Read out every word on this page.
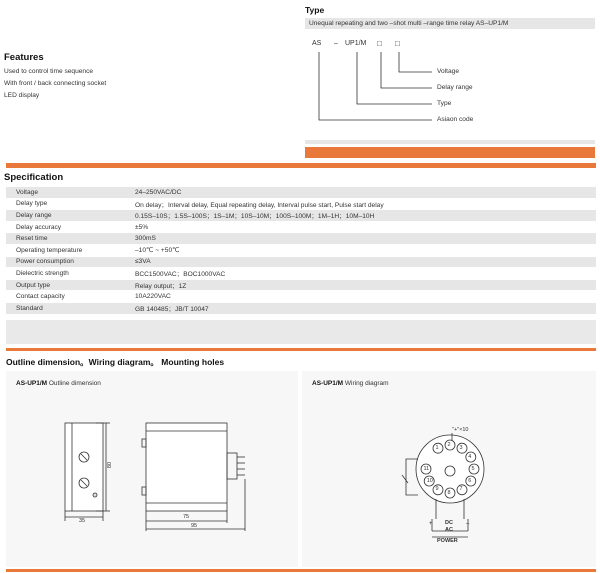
Type
Unequal repeating and two –shot multi –range time relay AS–UP1/M
AS – UP1/M □ □
Voltage
Delay range
Type
Asiaon code
Features
Used to control time sequence
With front / back connecting socket
LED display
Specification
Voltage	24–250VAC/DC
Delay type	On delay；Interval delay, Equal repeating delay, Interval pulse start, Pulse start delay
Delay range	0.15S–10S；1.5S–100S；1S–1M；10S–10M；100S–100M；1M–1H；10M–10H
Delay accuracy	±5%
Reset time	300mS
Operating temperature	–10℃ ~ +50℃
Power consumption	≤3VA
Dielectric strength	BCC1500VAC；BOC1000VAC
Output type	Relay output；1Z
Contact capacity	10A220VAC
Standard	GB 140485；JB/T 10047
Outline dimension。Wiring diagram。 Mounting holes
AS-UP1/M Outline dimension
80
35
75
95
AS-UP1/M Wiring diagram
"+"×10
+	–
DC
AC
POWER
1
2
3
4
5
6
7
8
9
10
11
